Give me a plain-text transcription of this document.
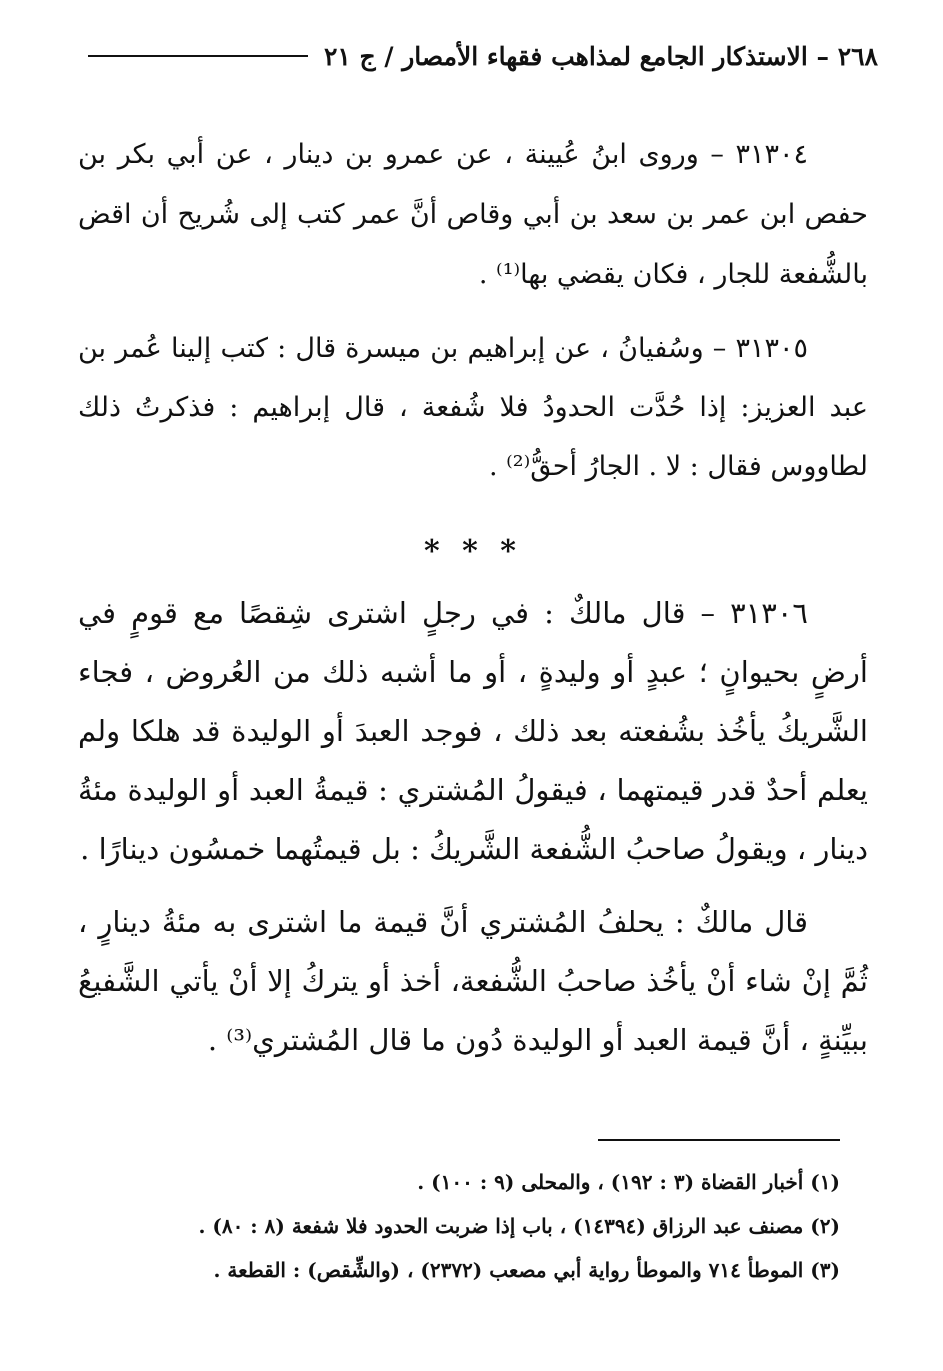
٢٦٨ – الاستذكار الجامع لمذاهب فقهاء الأمصار / ج ٢١

٣١٣٠٤ – وروى ابنُ عُيينة ، عن عمرو بن دينار ، عن أبي بكر بن حفص ابن عمر بن سعد بن أبي وقاص أنَّ عمر كتب إلى شُريح أن اقض بالشُّفعة للجار ، فكان يقضي بها⁽¹⁾ .

٣١٣٠٥ – وسُفيانُ ، عن إبراهيم بن ميسرة قال : كتب إلينا عُمر بن عبد العزيز: إذا حُدَّت الحدودُ فلا شُفعة ، قال إبراهيم : فذكرتُ ذلك لطاووس فقال : لا . الجارُ أحقُّ⁽²⁾ .

* * *

٣١٣٠٦ – قال مالكٌ : في رجلٍ اشترى شِقصًا مع قومٍ في أرضٍ بحيوانٍ ؛ عبدٍ أو وليدةٍ ، أو ما أشبه ذلك من العُروض ، فجاء الشَّريكُ يأخُذ بشُفعته بعد ذلك ، فوجد العبدَ أو الوليدة قد هلكا ولم يعلم أحدٌ قدر قيمتهما ، فيقولُ المُشتري : قيمةُ العبد أو الوليدة مئةُ دينار ، ويقولُ صاحبُ الشُّفعة الشَّريكُ : بل قيمتُهما خمسُون دينارًا .

قال مالكٌ : يحلفُ المُشتري أنَّ قيمة ما اشترى به مئةُ دينارٍ ، ثُمَّ إنْ شاء أنْ يأخُذ صاحبُ الشُّفعة، أخذ أو يتركُ إلا أنْ يأتي الشَّفيعُ ببيِّنةٍ ، أنَّ قيمة العبد أو الوليدة دُون ما قال المُشتري⁽³⁾ .

(١) أخبار القضاة (٣ : ١٩٢) ، والمحلى (٩ : ١٠٠) .

(٢) مصنف عبد الرزاق (١٤٣٩٤) ، باب إذا ضربت الحدود فلا شفعة (٨ : ٨٠) .

(٣) الموطأ ٧١٤ والموطأ رواية أبي مصعب (٢٣٧٢) ، (والشِّقص) : القطعة .
